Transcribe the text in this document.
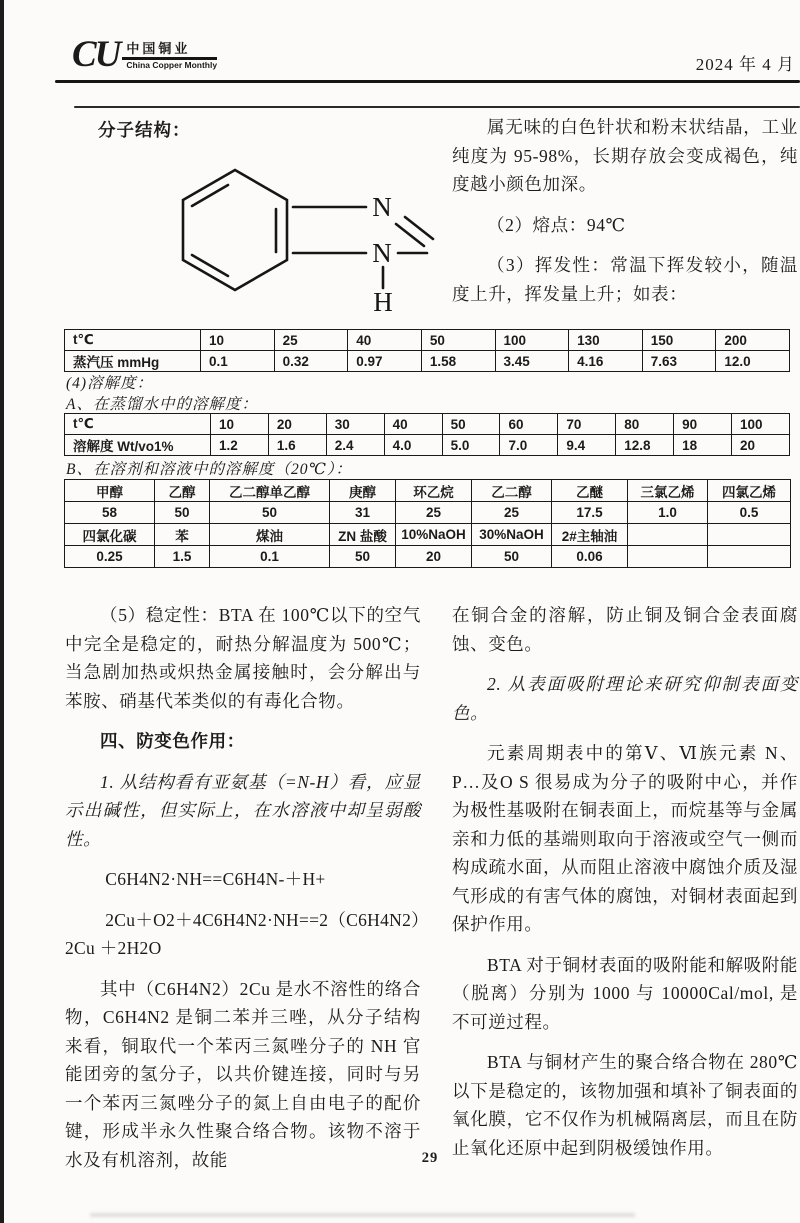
CU 中国铜业
China Copper Monthly	2024 年 4 月
分子结构：
N
N
H

属无味的白色针状和粉末状结晶，工业纯度为 95-98%，长期存放会变成褐色，纯度越小颜色加深。

（2）熔点：94℃

（3）挥发性：常温下挥发较小，随温度上升，挥发量上升；如表：

t℃	10	25	40	50	100	130	150	200
蒸汽压 mmHg	0.1	0.32	0.97	1.58	3.45	4.16	7.63	12.0
(4)溶解度：
A、在蒸馏水中的溶解度：
t℃	10	20	30	40	50	60	70	80	90	100
溶解度 Wt/vo1%	1.2	1.6	2.4	4.0	5.0	7.0	9.4	12.8	18	20
B、在溶剂和溶液中的溶解度（20℃）：
甲醇	乙醇	乙二醇单乙醇	庚醇	环乙烷	乙二醇	乙醚	三氯乙烯	四氯乙烯
58	50	50	31	25	25	17.5	1.0	0.5
四氯化碳	苯	煤油	ZN 盐酸	10%NaOH	30%NaOH	2#主轴油		
0.25	1.5	0.1	50	20	50	0.06		

（5）稳定性：BTA 在 100℃以下的空气中完全是稳定的，耐热分解温度为 500℃；当急剧加热或炽热金属接触时，会分解出与苯胺、硝基代苯类似的有毒化合物。

四、防变色作用：

1. 从结构看有亚氨基（=N-H）看，应显示出碱性，但实际上，在水溶液中却呈弱酸性。

C6H4N2·NH==C6H4N-＋H+

2Cu＋O2＋4C6H4N2·NH==2（C6H4N2）2Cu ＋2H2O

其中（C6H4N2）2Cu 是水不溶性的络合物，C6H4N2 是铜二苯并三唑，从分子结构来看，铜取代一个苯丙三氮唑分子的 NH 官能团旁的氢分子，以共价键连接，同时与另一个苯丙三氮唑分子的氮上自由电子的配价键，形成半永久性聚合络合物。该物不溶于水及有机溶剂，故能

在铜合金的溶解，防止铜及铜合金表面腐蚀、变色。

2. 从表面吸附理论来研究仰制表面变色。

元素周期表中的第Ⅴ、Ⅵ族元素 N、P…及O S 很易成为分子的吸附中心，并作为极性基吸附在铜表面上，而烷基等与金属亲和力低的基端则取向于溶液或空气一侧而构成疏水面，从而阻止溶液中腐蚀介质及湿气形成的有害气体的腐蚀，对铜材表面起到保护作用。

BTA 对于铜材表面的吸附能和解吸附能（脱离）分别为 1000 与 10000Cal/mol, 是不可逆过程。

BTA 与铜材产生的聚合络合物在 280℃以下是稳定的，该物加强和填补了铜表面的氧化膜，它不仅作为机械隔离层，而且在防止氧化还原中起到阴极缓蚀作用。

29
